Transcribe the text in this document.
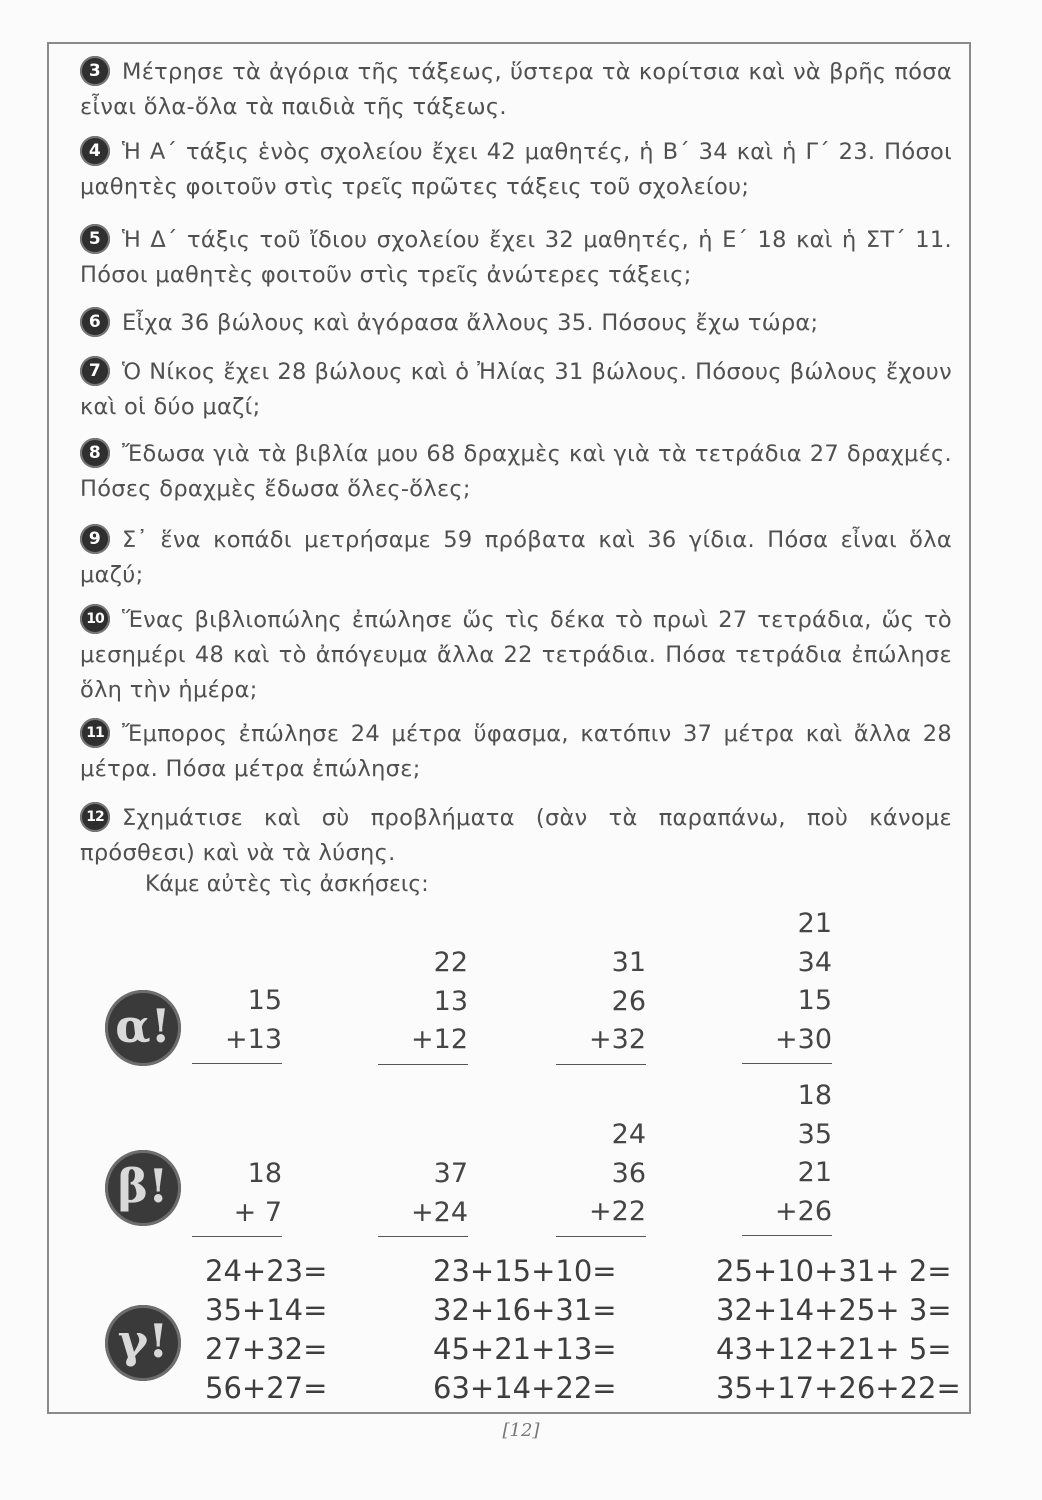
3 Μέτρησε τὰ ἀγόρια τῆς τάξεως, ὕστερα τὰ κορίτσια καὶ νὰ βρῆς πόσα εἶναι ὅλα-ὅλα τὰ παιδιὰ τῆς τάξεως.
4 Ἡ Α΄ τάξις ἑνὸς σχολείου ἔχει 42 μαθητές, ἡ Β΄ 34 καὶ ἡ Γ΄ 23. Πόσοι μαθητὲς φοιτοῦν στὶς τρεῖς πρῶτες τάξεις τοῦ σχολείου;
5 Ἡ Δ΄ τάξις τοῦ ἴδιου σχολείου ἔχει 32 μαθητές, ἡ Ε΄ 18 καὶ ἡ ΣΤ΄ 11. Πόσοι μαθητὲς φοιτοῦν στὶς τρεῖς ἀνώτερες τάξεις;
6 Εἶχα 36 βώλους καὶ ἀγόρασα ἄλλους 35. Πόσους ἔχω τώρα;
7 Ὁ Νίκος ἔχει 28 βώλους καὶ ὁ Ἠλίας 31 βώλους. Πόσους βώλους ἔχουν καὶ οἱ δύο μαζί;
8 Ἔδωσα γιὰ τὰ βιβλία μου 68 δραχμὲς καὶ γιὰ τὰ τετράδια 27 δραχμές. Πόσες δραχμὲς ἔδωσα ὅλες-ὅλες;
9 Σ᾽ ἕνα κοπάδι μετρήσαμε 59 πρόβατα καὶ 36 γίδια. Πόσα εἶναι ὅλα μαζύ;
10 Ἕνας βιβλιοπώλης ἐπώλησε ὥς τὶς δέκα τὸ πρωὶ 27 τετράδια, ὥς τὸ μεσημέρι 48 καὶ τὸ ἀπόγευμα ἄλλα 22 τετράδια. Πόσα τετράδια ἐπώλησε ὅλη τὴν ἡμέρα;
11 Ἔμπορος ἐπώλησε 24 μέτρα ὕφασμα, κατόπιν 37 μέτρα καὶ ἄλλα 28 μέτρα. Πόσα μέτρα ἐπώλησε;
12 Σχημάτισε καὶ σὺ προβλήματα (σὰν τὰ παραπάνω, ποὺ κάνομε πρόσθεσι) καὶ νὰ τὰ λύσης.
Κάμε αὐτὲς τὶς ἀσκήσεις:
α!	15
+13
22
13
+12
31
26
+32
21
34
15
+30
β!	18
+ 7
37
+24
24
36
+22
18
35
21
+26
γ!
24+23=
35+14=
27+32=
56+27=
23+15+10=
32+16+31=
45+21+13=
63+14+22=
25+10+31+ 2=
32+14+25+ 3=
43+12+21+ 5=
35+17+26+22=
[12]
